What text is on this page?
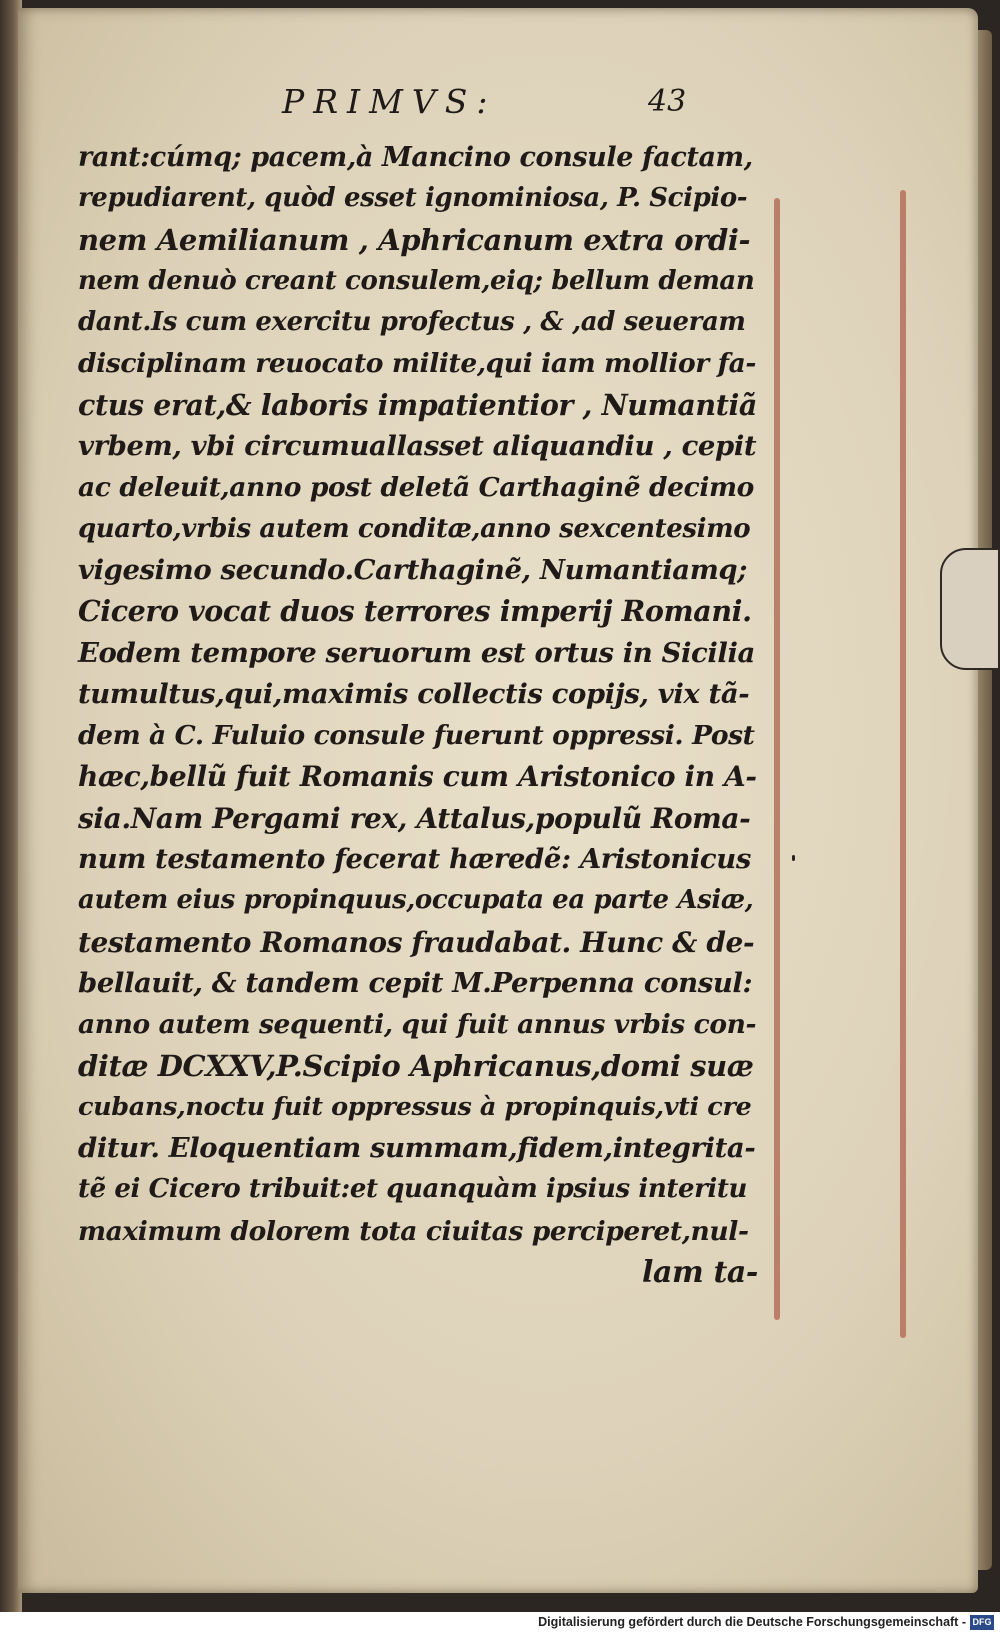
PRIMVS:	43
rant:cúmq; pacem,à Mancino consule factam,
repudiarent, quòd esset ignominiosa, P. Scipio-
nem Aemilianum , Aphricanum extra ordi-
nem denuò creant consulem,eiq; bellum deman
dant.Is cum exercitu profectus , & ,ad seueram
disciplinam reuocato milite,qui iam mollior fa-
ctus erat,& laboris impatientior , Numantiã
vrbem, vbi circumuallasset aliquandiu , cepit
ac deleuit,anno post deletã Carthaginẽ decimo
quarto,vrbis autem conditæ,anno sexcentesimo
vigesimo secundo.Carthaginẽ, Numantiamq;
Cicero vocat duos terrores imperij Romani.
Eodem tempore seruorum est ortus in Sicilia
tumultus,qui,maximis collectis copijs, vix tã-
dem à C. Fuluio consule fuerunt oppressi. Post
hæc,bellũ fuit Romanis cum Aristonico in A-
sia.Nam Pergami rex, Attalus,populũ Roma-
num testamento fecerat hæredẽ: Aristonicus
autem eius propinquus,occupata ea parte Asiæ,
testamento Romanos fraudabat. Hunc & de-
bellauit, & tandem cepit M.Perpenna consul:
anno autem sequenti, qui fuit annus vrbis con-
ditæ DCXXV,P.Scipio Aphricanus,domi suæ
cubans,noctu fuit oppressus à propinquis,vti cre
ditur. Eloquentiam summam,fidem,integrita-
tẽ ei Cicero tribuit:et quanquàm ipsius interitu
maximum dolorem tota ciuitas perciperet,nul-
lam ta-
Digitalisierung gefördert durch die Deutsche Forschungsgemeinschaft - DFG
